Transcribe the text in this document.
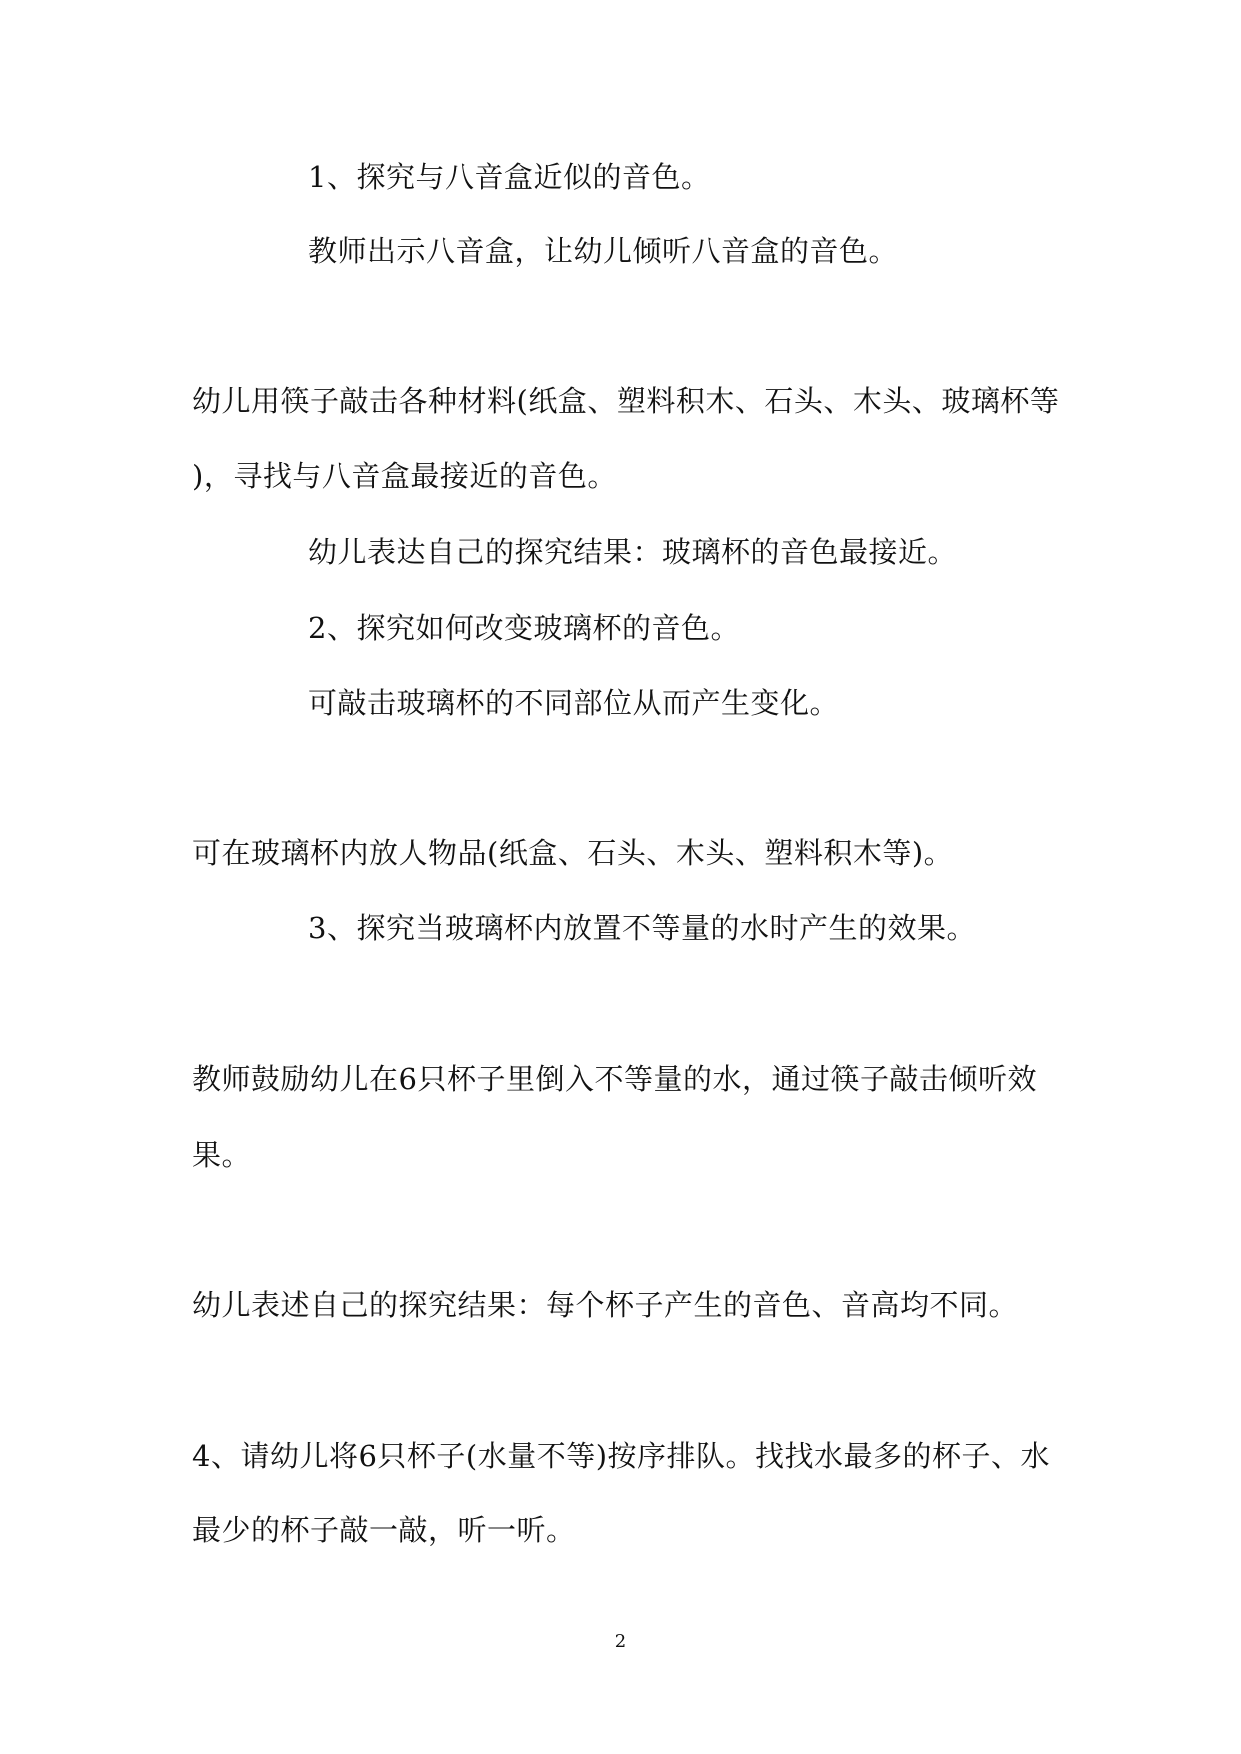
1、探究与八音盒近似的音色。

教师出示八音盒，让幼儿倾听八音盒的音色。

幼儿用筷子敲击各种材料(纸盒、塑料积木、石头、木头、玻璃杯等

)，寻找与八音盒最接近的音色。

幼儿表达自己的探究结果：玻璃杯的音色最接近。

2、探究如何改变玻璃杯的音色。

可敲击玻璃杯的不同部位从而产生变化。

可在玻璃杯内放人物品(纸盒、石头、木头、塑料积木等)。

3、探究当玻璃杯内放置不等量的水时产生的效果。

教师鼓励幼儿在6只杯子里倒入不等量的水，通过筷子敲击倾听效

果。

幼儿表述自己的探究结果：每个杯子产生的音色、音高均不同。

4、请幼儿将6只杯子(水量不等)按序排队。找找水最多的杯子、水

最少的杯子敲一敲，听一听。

2
